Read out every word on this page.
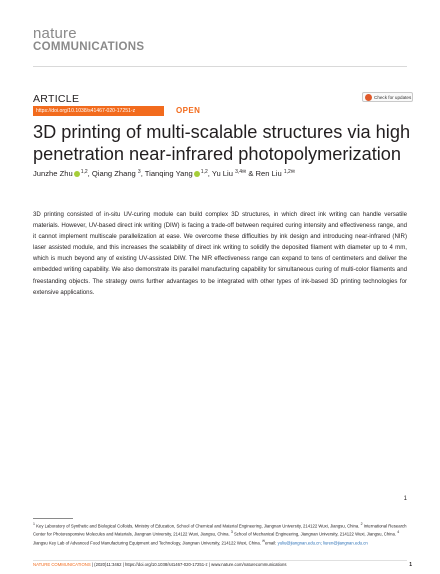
nature
COMMUNICATIONS
ARTICLE	Check for updates
https://doi.org/10.1038/s41467-020-17251-z	OPEN
3D printing of multi-scalable structures via high penetration near-infrared photopolymerization
Junzhe Zhu $^{1,2}$, Qiang Zhang $^3$, Tianqing Yang $^{1,2}$, Yu Liu $^{3,4✉}$ & Ren Liu $^{1,2✉}$

3D printing consisted of in-situ UV-curing module can build complex 3D structures, in which direct ink writing can handle versatile materials. However, UV-based direct ink writing (DIW) is facing a trade-off between required curing intensity and effectiveness range, and it cannot implement multiscale parallelization at ease. We overcome these difficulties by ink design and introducing near-infrared (NIR) laser assisted module, and this increases the scalability of direct ink writing to solidify the deposited filament with diameter up to 4 mm, which is much beyond any of existing UV-assisted DIW. The NIR effectiveness range can expand to tens of centimeters and deliver the embedded writing capability. We also demonstrate its parallel manufacturing capability for simultaneous curing of multi-color filaments and freestanding objects. The strategy owns further advantages to be integrated with other types of ink-based 3D printing technologies for extensive applications.

1

$^1$ Key Laboratory of Synthetic and Biological Colloids, Ministry of Education, School of Chemical and Material Engineering, Jiangnan University, 214122 Wuxi, Jiangsu, China. $^2$ International Research Center for Photoresponsive Molecules and Materials, Jiangnan University, 214122 Wuxi, Jiangsu, China. $^3$ School of Mechanical Engineering, Jiangnan University, 214122 Wuxi, Jiangsu, China. $^4$ Jiangsu Key Lab of Advanced Food Manufacturing Equipment and Technology, Jiangnan University, 214122 Wuxi, China. ✉email: yuliu@jiangnan.edu.cn; liuren@jiangnan.edu.cn

NATURE COMMUNICATIONS | (2020)11:3462 | https://doi.org/10.1038/s41467-020-17251-z | www.nature.com/naturecommunications	1
